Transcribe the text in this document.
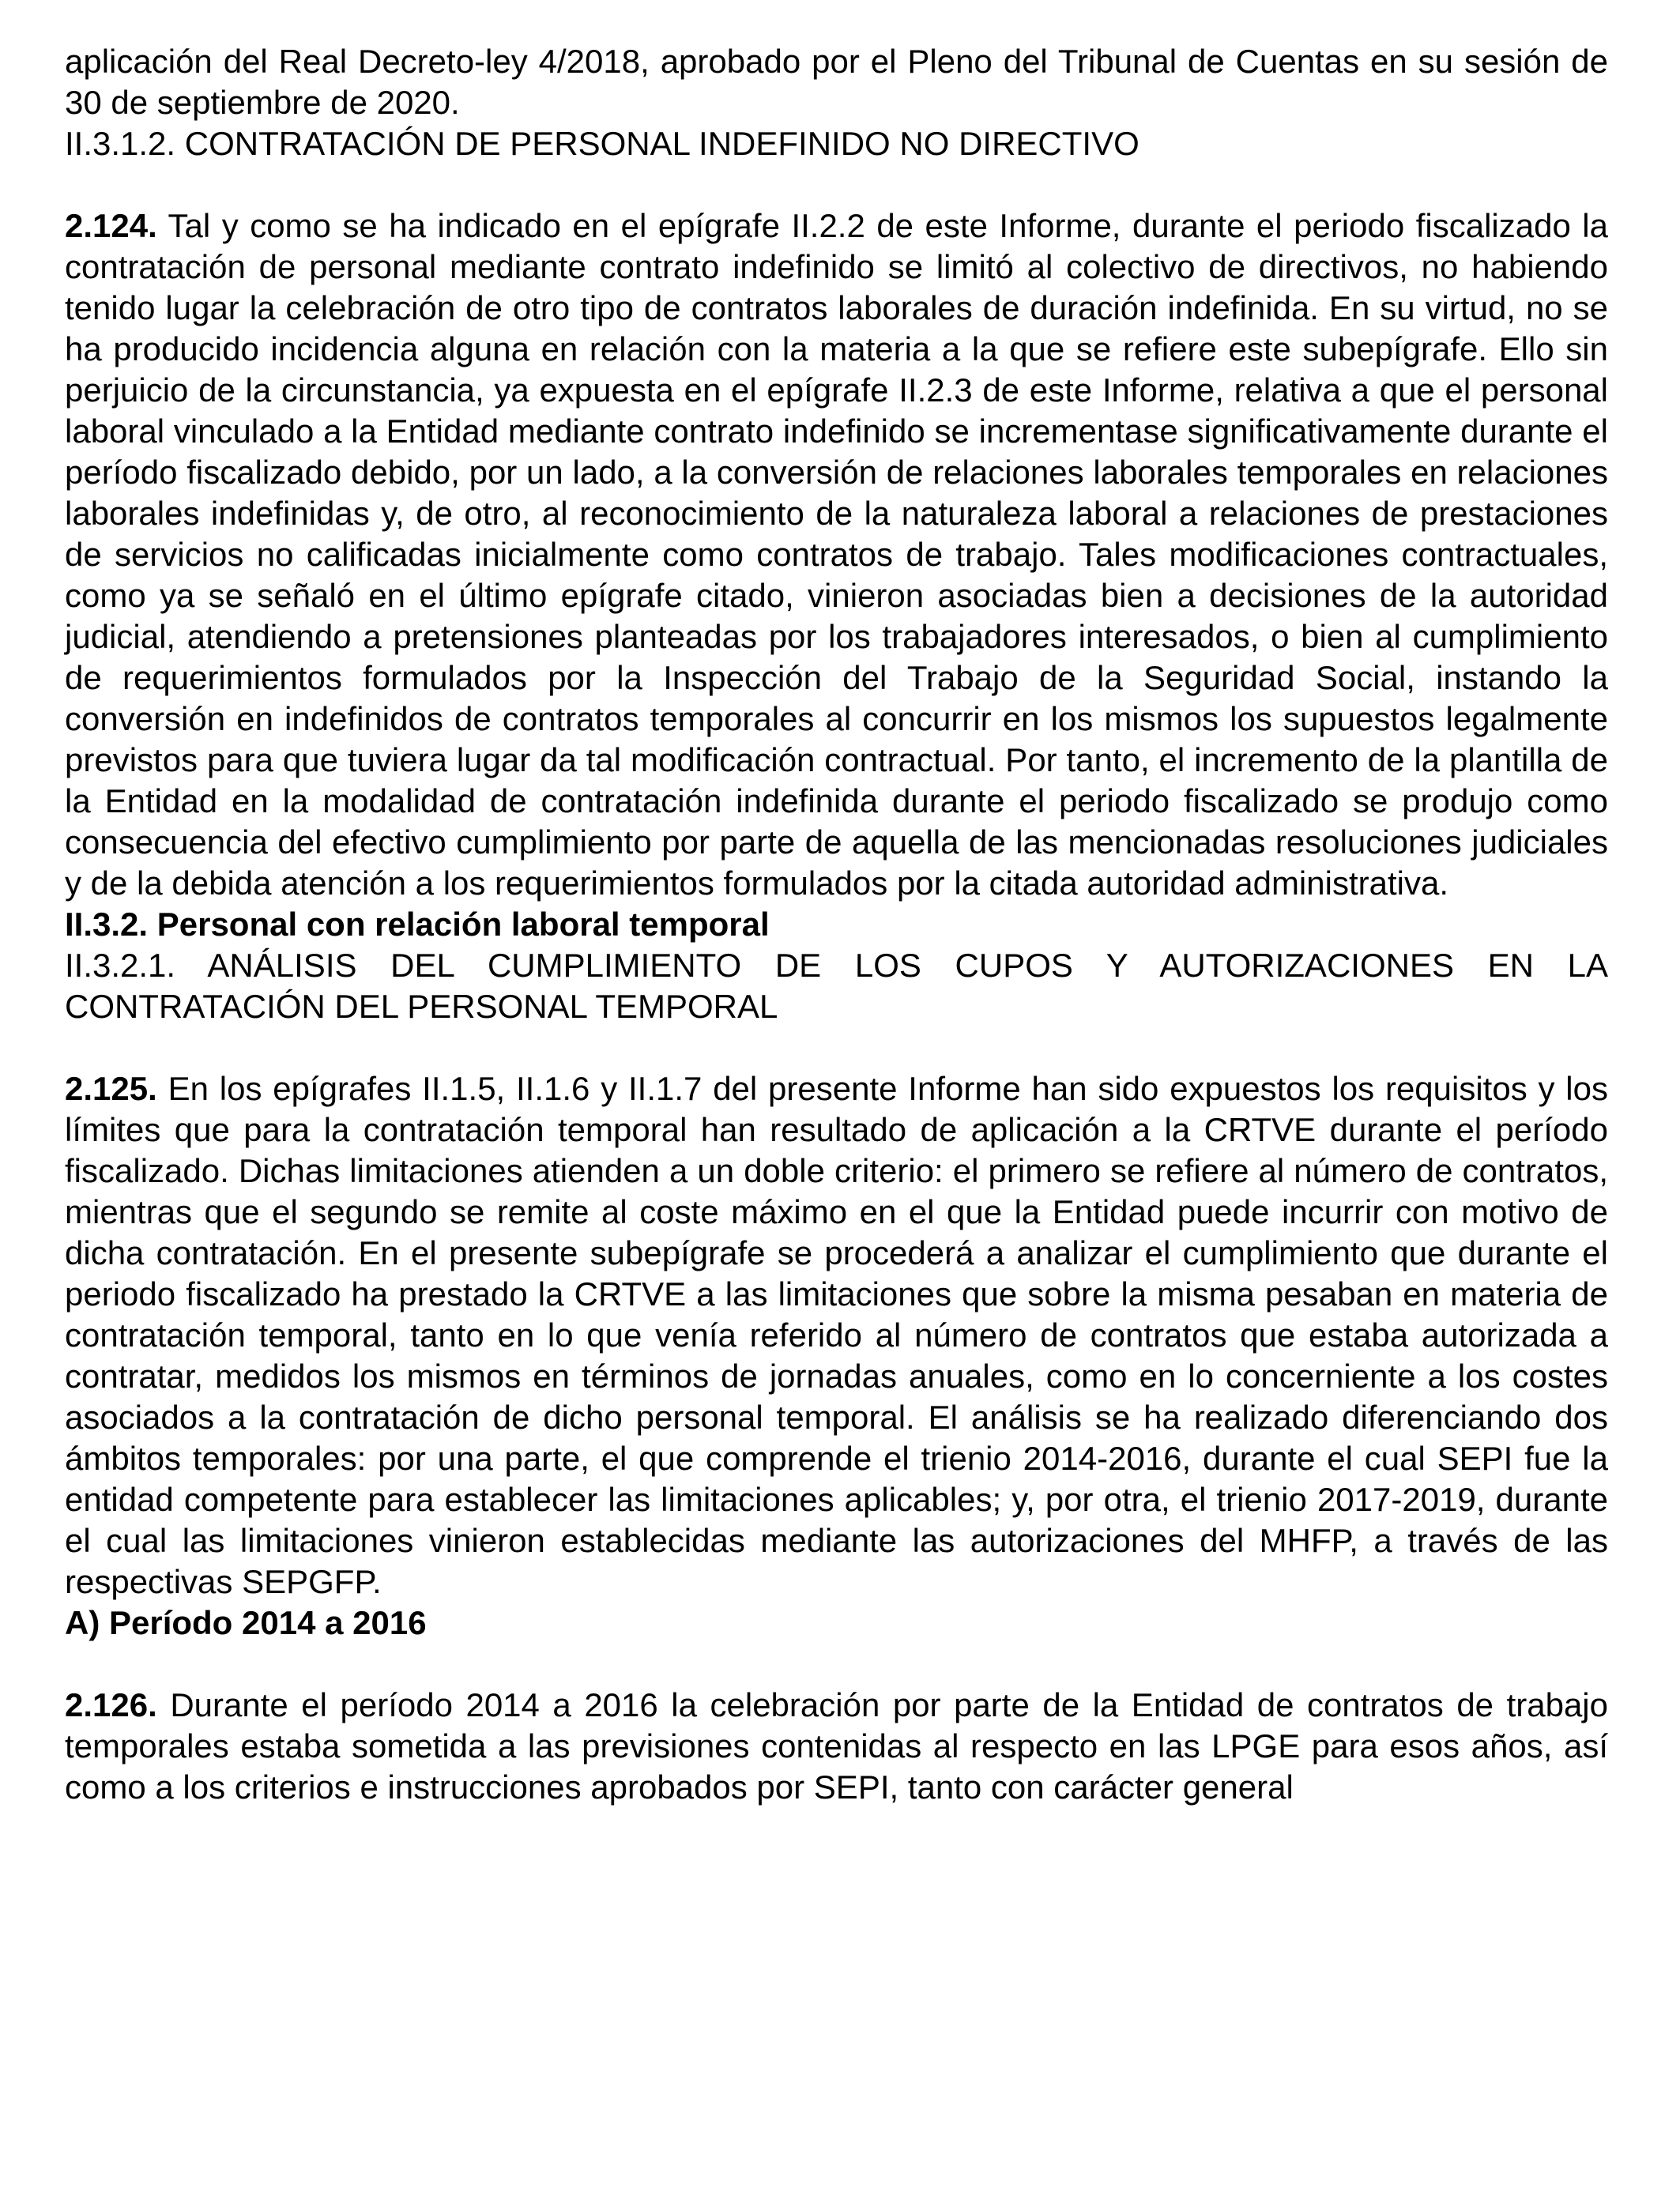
aplicación del Real Decreto-ley 4/2018, aprobado por el Pleno del Tribunal de Cuentas en su sesión de 30 de septiembre de 2020.

II.3.1.2. CONTRATACIÓN DE PERSONAL INDEFINIDO NO DIRECTIVO

2.124. Tal y como se ha indicado en el epígrafe II.2.2 de este Informe, durante el periodo fiscalizado la contratación de personal mediante contrato indefinido se limitó al colectivo de directivos, no habiendo tenido lugar la celebración de otro tipo de contratos laborales de duración indefinida. En su virtud, no se ha producido incidencia alguna en relación con la materia a la que se refiere este subepígrafe. Ello sin perjuicio de la circunstancia, ya expuesta en el epígrafe II.2.3 de este Informe, relativa a que el personal laboral vinculado a la Entidad mediante contrato indefinido se incrementase significativamente durante el período fiscalizado debido, por un lado, a la conversión de relaciones laborales temporales en relaciones laborales indefinidas y, de otro, al reconocimiento de la naturaleza laboral a relaciones de prestaciones de servicios no calificadas inicialmente como contratos de trabajo. Tales modificaciones contractuales, como ya se señaló en el último epígrafe citado, vinieron asociadas bien a decisiones de la autoridad judicial, atendiendo a pretensiones planteadas por los trabajadores interesados, o bien al cumplimiento de requerimientos formulados por la Inspección del Trabajo de la Seguridad Social, instando la conversión en indefinidos de contratos temporales al concurrir en los mismos los supuestos legalmente previstos para que tuviera lugar da tal modificación contractual. Por tanto, el incremento de la plantilla de la Entidad en la modalidad de contratación indefinida durante el periodo fiscalizado se produjo como consecuencia del efectivo cumplimiento por parte de aquella de las mencionadas resoluciones judiciales y de la debida atención a los requerimientos formulados por la citada autoridad administrativa.

II.3.2. Personal con relación laboral temporal
II.3.2.1. ANÁLISIS DEL CUMPLIMIENTO DE LOS CUPOS Y AUTORIZACIONES EN LA CONTRATACIÓN DEL PERSONAL TEMPORAL

2.125. En los epígrafes II.1.5, II.1.6 y II.1.7 del presente Informe han sido expuestos los requisitos y los límites que para la contratación temporal han resultado de aplicación a la CRTVE durante el período fiscalizado. Dichas limitaciones atienden a un doble criterio: el primero se refiere al número de contratos, mientras que el segundo se remite al coste máximo en el que la Entidad puede incurrir con motivo de dicha contratación. En el presente subepígrafe se procederá a analizar el cumplimiento que durante el periodo fiscalizado ha prestado la CRTVE a las limitaciones que sobre la misma pesaban en materia de contratación temporal, tanto en lo que venía referido al número de contratos que estaba autorizada a contratar, medidos los mismos en términos de jornadas anuales, como en lo concerniente a los costes asociados a la contratación de dicho personal temporal. El análisis se ha realizado diferenciando dos ámbitos temporales: por una parte, el que comprende el trienio 2014-2016, durante el cual SEPI fue la entidad competente para establecer las limitaciones aplicables; y, por otra, el trienio 2017-2019, durante el cual las limitaciones vinieron establecidas mediante las autorizaciones del MHFP, a través de las respectivas SEPGFP.

A) Período 2014 a 2016

2.126. Durante el período 2014 a 2016 la celebración por parte de la Entidad de contratos de trabajo temporales estaba sometida a las previsiones contenidas al respecto en las LPGE para esos años, así como a los criterios e instrucciones aprobados por SEPI, tanto con carácter general
